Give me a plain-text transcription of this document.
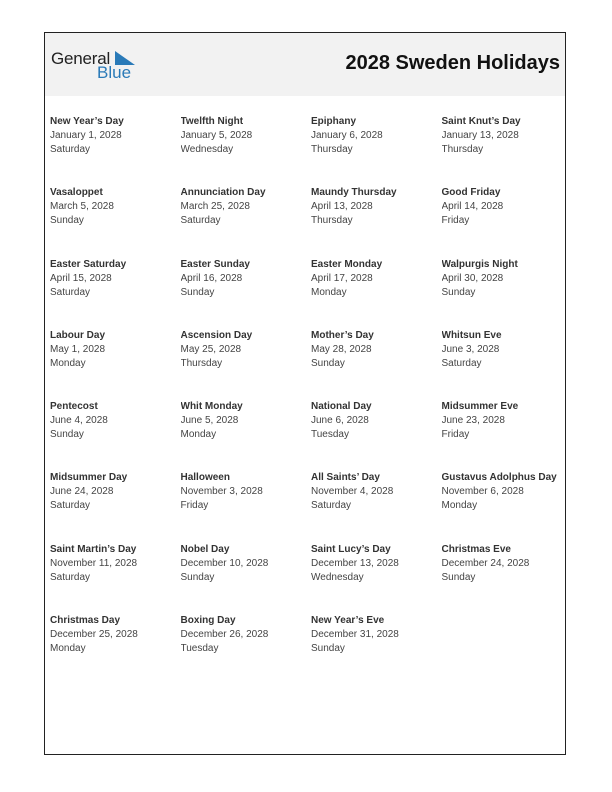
General
Blue	2028 Sweden Holidays
New Year’s Day
January 1, 2028
Saturday
Twelfth Night
January 5, 2028
Wednesday
Epiphany
January 6, 2028
Thursday
Saint Knut’s Day
January 13, 2028
Thursday
Vasaloppet
March 5, 2028
Sunday
Annunciation Day
March 25, 2028
Saturday
Maundy Thursday
April 13, 2028
Thursday
Good Friday
April 14, 2028
Friday
Easter Saturday
April 15, 2028
Saturday
Easter Sunday
April 16, 2028
Sunday
Easter Monday
April 17, 2028
Monday
Walpurgis Night
April 30, 2028
Sunday
Labour Day
May 1, 2028
Monday
Ascension Day
May 25, 2028
Thursday
Mother’s Day
May 28, 2028
Sunday
Whitsun Eve
June 3, 2028
Saturday
Pentecost
June 4, 2028
Sunday
Whit Monday
June 5, 2028
Monday
National Day
June 6, 2028
Tuesday
Midsummer Eve
June 23, 2028
Friday
Midsummer Day
June 24, 2028
Saturday
Halloween
November 3, 2028
Friday
All Saints’ Day
November 4, 2028
Saturday
Gustavus Adolphus Day
November 6, 2028
Monday
Saint Martin’s Day
November 11, 2028
Saturday
Nobel Day
December 10, 2028
Sunday
Saint Lucy’s Day
December 13, 2028
Wednesday
Christmas Eve
December 24, 2028
Sunday
Christmas Day
December 25, 2028
Monday
Boxing Day
December 26, 2028
Tuesday
New Year’s Eve
December 31, 2028
Sunday
